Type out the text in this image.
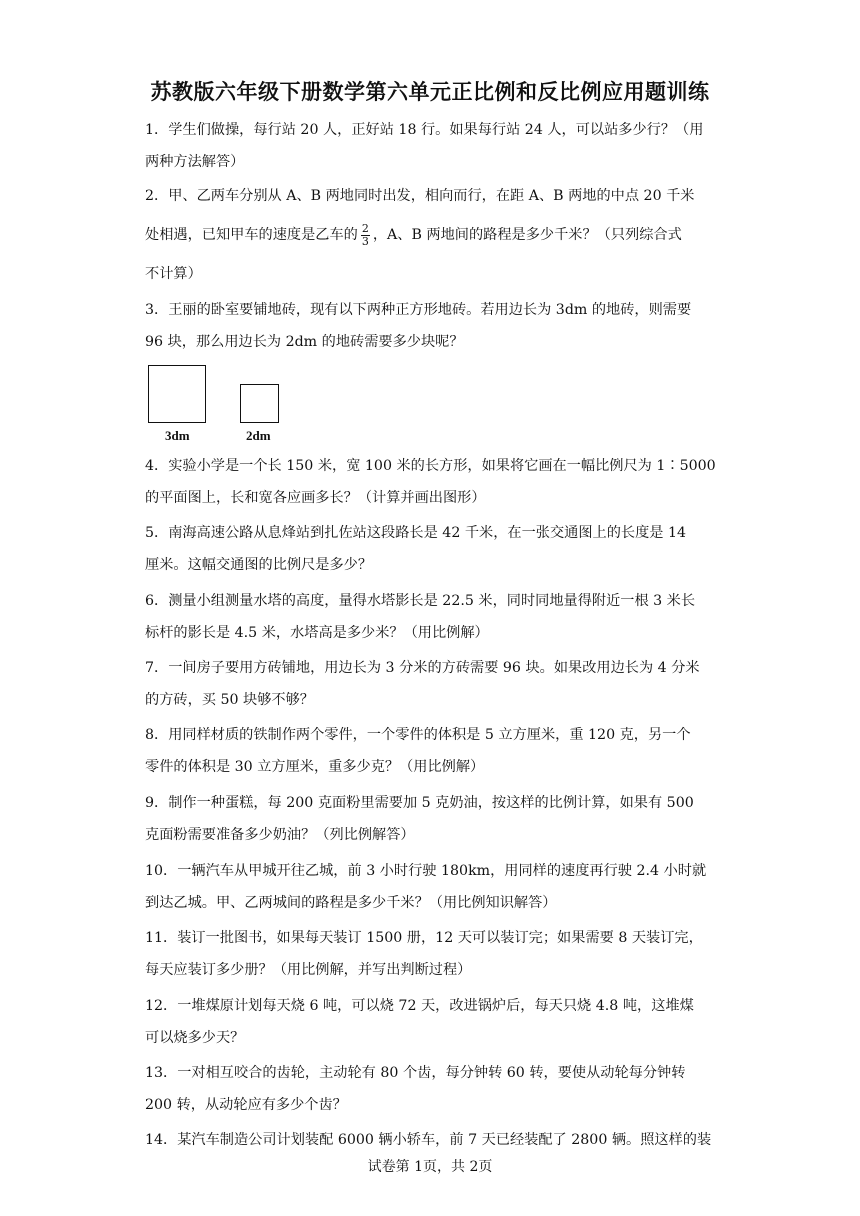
苏教版六年级下册数学第六单元正比例和反比例应用题训练
1．学生们做操，每行站 20 人，正好站 18 行。如果每行站 24 人，可以站多少行？（用
两种方法解答）
2．甲、乙两车分别从 A、B 两地同时出发，相向而行，在距 A、B 两地的中点 20 千米
处相遇，已知甲车的速度是乙车的 $\frac{2}{3}$ ，A、B 两地间的路程是多少千米？（只列综合式
不计算）
3．王丽的卧室要铺地砖，现有以下两种正方形地砖。若用边长为 3dm 的地砖，则需要
96 块，那么用边长为 2dm 的地砖需要多少块呢？
3dm	2dm
4．实验小学是一个长 150 米，宽 100 米的长方形，如果将它画在一幅比例尺为 1∶5000
的平面图上，长和宽各应画多长？（计算并画出图形）
5．南海高速公路从息烽站到扎佐站这段路长是 42 千米，在一张交通图上的长度是 14
厘米。这幅交通图的比例尺是多少？
6．测量小组测量水塔的高度，量得水塔影长是 22.5 米，同时同地量得附近一根 3 米长
标杆的影长是 4.5 米，水塔高是多少米？（用比例解）
7．一间房子要用方砖铺地，用边长为 3 分米的方砖需要 96 块。如果改用边长为 4 分米
的方砖，买 50 块够不够？
8．用同样材质的铁制作两个零件，一个零件的体积是 5 立方厘米，重 120 克，另一个
零件的体积是 30 立方厘米，重多少克？（用比例解）
9．制作一种蛋糕，每 200 克面粉里需要加 5 克奶油，按这样的比例计算，如果有 500
克面粉需要准备多少奶油？（列比例解答）
10．一辆汽车从甲城开往乙城，前 3 小时行驶 180km，用同样的速度再行驶 2.4 小时就
到达乙城。甲、乙两城间的路程是多少千米？（用比例知识解答）
11．装订一批图书，如果每天装订 1500 册，12 天可以装订完；如果需要 8 天装订完，
每天应装订多少册？（用比例解，并写出判断过程）
12．一堆煤原计划每天烧 6 吨，可以烧 72 天，改进锅炉后，每天只烧 4.8 吨，这堆煤
可以烧多少天？
13．一对相互咬合的齿轮，主动轮有 80 个齿，每分钟转 60 转，要使从动轮每分钟转
200 转，从动轮应有多少个齿？
14．某汽车制造公司计划装配 6000 辆小轿车，前 7 天已经装配了 2800 辆。照这样的装
试卷第 1页，共 2页
